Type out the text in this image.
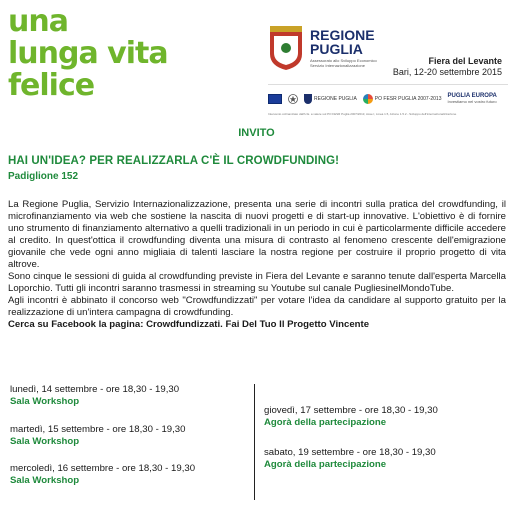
una
lunga vita
felice
REGIONE
PUGLIA
Assessorato allo Sviluppo Economico
Servizio Internazionalizzazione	Fiera del Levante
Bari, 12-20 settembre 2015
REGIONE PUGLIA	PO FESR PUGLIA 2007-2013 PUGLIA EUROPA
Investiamo nel vostro futuro
Intervento cofinanziato dall'U.E. a valere sul PO FESR Puglia 2007/2013, Asse I, Linea 1.5, Azione 1.5.2 - Sviluppo dell'internazionalizzazione
INVITO
HAI UN'IDEA? PER REALIZZARLA C'È IL CROWDFUNDING!
Padiglione 152

La Regione Puglia, Servizio Internazionalizzazione, presenta una serie di incontri sulla pratica del crowdfunding, il microfinanziamento via web che sostiene la nascita di nuovi progetti e di start-up innovative. L'obiettivo è di fornire uno strumento di finanziamento alternativo a quelli tradizionali in un periodo in cui è particolarmente difficile accedere al credito. In quest'ottica il crowdfunding diventa una misura di contrasto al fenomeno crescente dell'emigrazione giovanile che vede ogni anno migliaia di talenti lasciare la nostra regione per costruire il proprio progetto di vita altrove.

Sono cinque le sessioni di guida al crowdfunding previste in Fiera del Levante e saranno tenute dall'esperta Marcella Loporchio. Tutti gli incontri saranno trasmessi in streaming su Youtube sul canale PugliesinelMondoTube.

Agli incontri è abbinato il concorso web "Crowdfundizzati" per votare l'idea da candidare al supporto gratuito per la realizzazione di un'intera campagna di crowdfunding.

Cerca su Facebook la pagina: Crowdfundizzati. Fai Del Tuo Il Progetto Vincente

lunedì, 14 settembre - ore 18,30 - 19,30
Sala Workshop
martedì, 15 settembre - ore 18,30 - 19,30
Sala Workshop
mercoledì, 16 settembre - ore 18,30 - 19,30
Sala Workshop
giovedì, 17 settembre - ore 18,30 - 19,30
Agorà della partecipazione
sabato, 19 settembre - ore 18,30 - 19,30
Agorà della partecipazione
